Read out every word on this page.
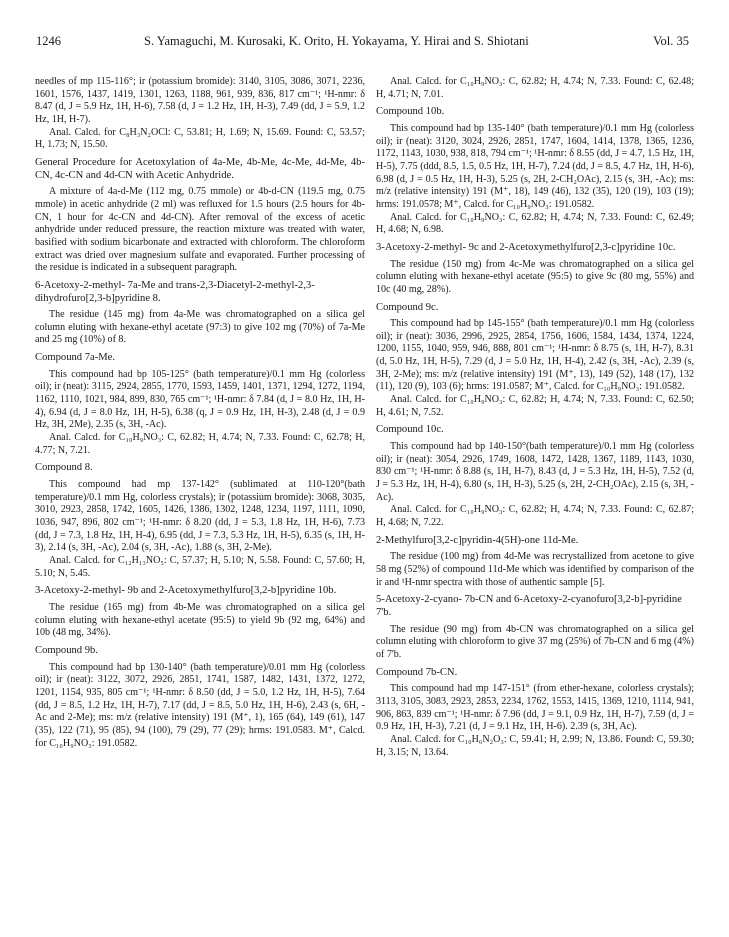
1246	S. Yamaguchi, M. Kurosaki, K. Orito, H. Yokayama, Y. Hirai and S. Shiotani	Vol. 35

needles of mp 115-116°; ir (potassium bromide): 3140, 3105, 3086, 3071, 2236, 1601, 1576, 1437, 1419, 1301, 1263, 1188, 961, 939, 836, 817 cm⁻¹; ¹H-nmr: δ 8.47 (d, J = 5.9 Hz, 1H, H-6), 7.58 (d, J = 1.2 Hz, 1H, H-3), 7.49 (dd, J = 5.9, 1.2 Hz, 1H, H-7).

Anal. Calcd. for C₈H₃N₂OCl: C, 53.81; H, 1.69; N, 15.69. Found: C, 53.57; H, 1.73; N, 15.50.

General Procedure for Acetoxylation of 4a-Me, 4b-Me, 4c-Me, 4d-Me, 4b-CN, 4c-CN and 4d-CN with Acetic Anhydride.

A mixture of 4a-d-Me (112 mg, 0.75 mmole) or 4b-d-CN (119.5 mg, 0.75 mmole) in acetic anhydride (2 ml) was refluxed for 1.5 hours (2.5 hours for 4b-CN, 1 hour for 4c-CN and 4d-CN). After removal of the excess of acetic anhydride under reduced pressure, the reaction mixture was treated with water, basified with sodium bicarbonate and extracted with chloroform. The chloroform extract was dried over magnesium sulfate and evaporated. Further processing of the residue is indicated in a subsequent paragraph.

6-Acetoxy-2-methyl- 7a-Me and trans-2,3-Diacetyl-2-methyl-2,3-dihydrofuro[2,3-b]pyridine 8.

The residue (145 mg) from 4a-Me was chromatographed on a silica gel column eluting with hexane-ethyl acetate (97:3) to give 102 mg (70%) of 7a-Me and 25 mg (10%) of 8.

Compound 7a-Me.

This compound had bp 105-125° (bath temperature)/0.1 mm Hg (colorless oil); ir (neat): 3115, 2924, 2855, 1770, 1593, 1459, 1401, 1371, 1294, 1272, 1194, 1162, 1110, 1021, 984, 899, 830, 765 cm⁻¹; ¹H-nmr: δ 7.84 (d, J = 8.0 Hz, 1H, H-4), 6.94 (d, J = 8.0 Hz, 1H, H-5), 6.38 (q, J = 0.9 Hz, 1H, H-3), 2.48 (d, J = 0.9 Hz, 3H, 2Me), 2.35 (s, 3H, -Ac).

Anal. Calcd. for C₁₀H₉NO₃: C, 62.82; H, 4.74; N, 7.33. Found: C, 62.78; H, 4.77; N, 7.21.

Compound 8.

This compound had mp 137-142° (sublimated at 110-120°(bath temperature)/0.1 mm Hg, colorless crystals); ir (potassium bromide): 3068, 3035, 3010, 2923, 2858, 1742, 1605, 1426, 1386, 1302, 1248, 1234, 1197, 1111, 1090, 1036, 947, 896, 802 cm⁻¹; ¹H-nmr: δ 8.20 (dd, J = 5.3, 1.8 Hz, 1H, H-6), 7.73 (dd, J = 7.3, 1.8 Hz, 1H, H-4), 6.95 (dd, J = 7.3, 5.3 Hz, 1H, H-5), 6.35 (s, 1H, H-3), 2.14 (s, 3H, -Ac), 2.04 (s, 3H, -Ac), 1.88 (s, 3H, 2-Me).

Anal. Calcd. for C₁₂H₁₃NO₅: C, 57.37; H, 5.10; N, 5.58. Found: C, 57.60; H, 5.10; N, 5.45.

3-Acetoxy-2-methyl- 9b and 2-Acetoxymethylfuro[3,2-b]pyridine 10b.

The residue (165 mg) from 4b-Me was chromatographed on a silica gel column eluting with hexane-ethyl acetate (95:5) to yield 9b (92 mg, 64%) and 10b (48 mg, 34%).

Compound 9b.

This compound had bp 130-140° (bath temperature)/0.01 mm Hg (colorless oil); ir (neat): 3122, 3072, 2926, 2851, 1741, 1587, 1482, 1431, 1372, 1272, 1201, 1154, 935, 805 cm⁻¹; ¹H-nmr: δ 8.50 (dd, J = 5.0, 1.2 Hz, 1H, H-5), 7.64 (dd, J = 8.5, 1.2 Hz, 1H, H-7), 7.17 (dd, J = 8.5, 5.0 Hz, 1H, H-6), 2.43 (s, 6H, -Ac and 2-Me); ms: m/z (relative intensity) 191 (M⁺, 1), 165 (64), 149 (61), 147 (35), 122 (71), 95 (85), 94 (100), 79 (29), 77 (29); hrms: 191.0583. M⁺, Calcd. for C₁₀H₉NO₃: 191.0582.

Anal. Calcd. for C₁₀H₉NO₃: C, 62.82; H, 4.74; N, 7.33. Found: C, 62.48; H, 4.71; N, 7.01.

Compound 10b.

This compound had bp 135-140° (bath temperature)/0.1 mm Hg (colorless oil); ir (neat): 3120, 3024, 2926, 2851, 1747, 1604, 1414, 1378, 1365, 1236, 1172, 1143, 1030, 938, 818, 794 cm⁻¹; ¹H-nmr: δ 8.55 (dd, J = 4.7, 1.5 Hz, 1H, H-5), 7.75 (ddd, 8.5, 1.5, 0.5 Hz, 1H, H-7), 7.24 (dd, J = 8.5, 4.7 Hz, 1H, H-6), 6.98 (d, J = 0.5 Hz, 1H, H-3), 5.25 (s, 2H, 2-CH₂OAc), 2.15 (s, 3H, -Ac); ms: m/z (relative intensity) 191 (M⁺, 18), 149 (46), 132 (35), 120 (19), 103 (19); hrms: 191.0578; M⁺, Calcd. for C₁₀H₉NO₃: 191.0582.

Anal. Calcd. for C₁₀H₉NO₃: C, 62.82; H, 4.74; N, 7.33. Found: C, 62.49; H, 4.68; N, 6.98.

3-Acetoxy-2-methyl- 9c and 2-Acetoxymethylfuro[2,3-c]pyridine 10c.

The residue (150 mg) from 4c-Me was chromatographed on a silica gel column eluting with hexane-ethyl acetate (95:5) to give 9c (80 mg, 55%) and 10c (40 mg, 28%).

Compound 9c.

This compound had bp 145-155° (bath temperature)/0.1 mm Hg (colorless oil); ir (neat): 3036, 2996, 2925, 2854, 1756, 1606, 1584, 1434, 1374, 1224, 1200, 1155, 1040, 959, 946, 888, 801 cm⁻¹; ¹H-nmr: δ 8.75 (s, 1H, H-7), 8.31 (d, 5.0 Hz, 1H, H-5), 7.29 (d, J = 5.0 Hz, 1H, H-4), 2.42 (s, 3H, -Ac), 2.39 (s, 3H, 2-Me); ms: m/z (relative intensity) 191 (M⁺, 13), 149 (52), 148 (17), 132 (11), 120 (9), 103 (6); hrms: 191.0587; M⁺, Calcd. for C₁₀H₉NO₃: 191.0582.

Anal. Calcd. for C₁₀H₉NO₃: C, 62.82; H, 4.74; N, 7.33. Found: C, 62.50; H, 4.61; N, 7.52.

Compound 10c.

This compound had bp 140-150°(bath temperature)/0.1 mm Hg (colorless oil); ir (neat): 3054, 2926, 1749, 1608, 1472, 1428, 1367, 1189, 1143, 1030, 830 cm⁻¹; ¹H-nmr: δ 8.88 (s, 1H, H-7), 8.43 (d, J = 5.3 Hz, 1H, H-5), 7.52 (d, J = 5.3 Hz, 1H, H-4), 6.80 (s, 1H, H-3), 5.25 (s, 2H, 2-CH₂OAc), 2.15 (s, 3H, -Ac).

Anal. Calcd. for C₁₀H₉NO₃: C, 62.82; H, 4.74; N, 7.33. Found: C, 62.87; H, 4.68; N, 7.22.

2-Methylfuro[3,2-c]pyridin-4(5H)-one 11d-Me.

The residue (100 mg) from 4d-Me was recrystallized from acetone to give 58 mg (52%) of compound 11d-Me which was identified by comparison of the ir and ¹H-nmr spectra with those of authentic sample [5].

5-Acetoxy-2-cyano- 7b-CN and 6-Acetoxy-2-cyanofuro[3,2-b]-pyridine 7'b.

The residue (90 mg) from 4b-CN was chromatographed on a silica gel column eluting with chloroform to give 37 mg (25%) of 7b-CN and 6 mg (4%) of 7'b.

Compound 7b-CN.

This compound had mp 147-151° (from ether-hexane, colorless crystals); 3113, 3105, 3083, 2923, 2853, 2234, 1762, 1553, 1415, 1369, 1210, 1114, 941, 906, 863, 839 cm⁻¹; ¹H-nmr: δ 7.96 (dd, J = 9.1, 0.9 Hz, 1H, H-7), 7.59 (d, J = 0.9 Hz, 1H, H-3), 7.21 (d, J = 9.1 Hz, 1H, H-6). 2.39 (s, 3H, Ac).

Anal. Calcd. for C₁₀H₆N₂O₃: C, 59.41; H, 2.99; N, 13.86. Found: C, 59.30; H, 3.15; N, 13.64.
